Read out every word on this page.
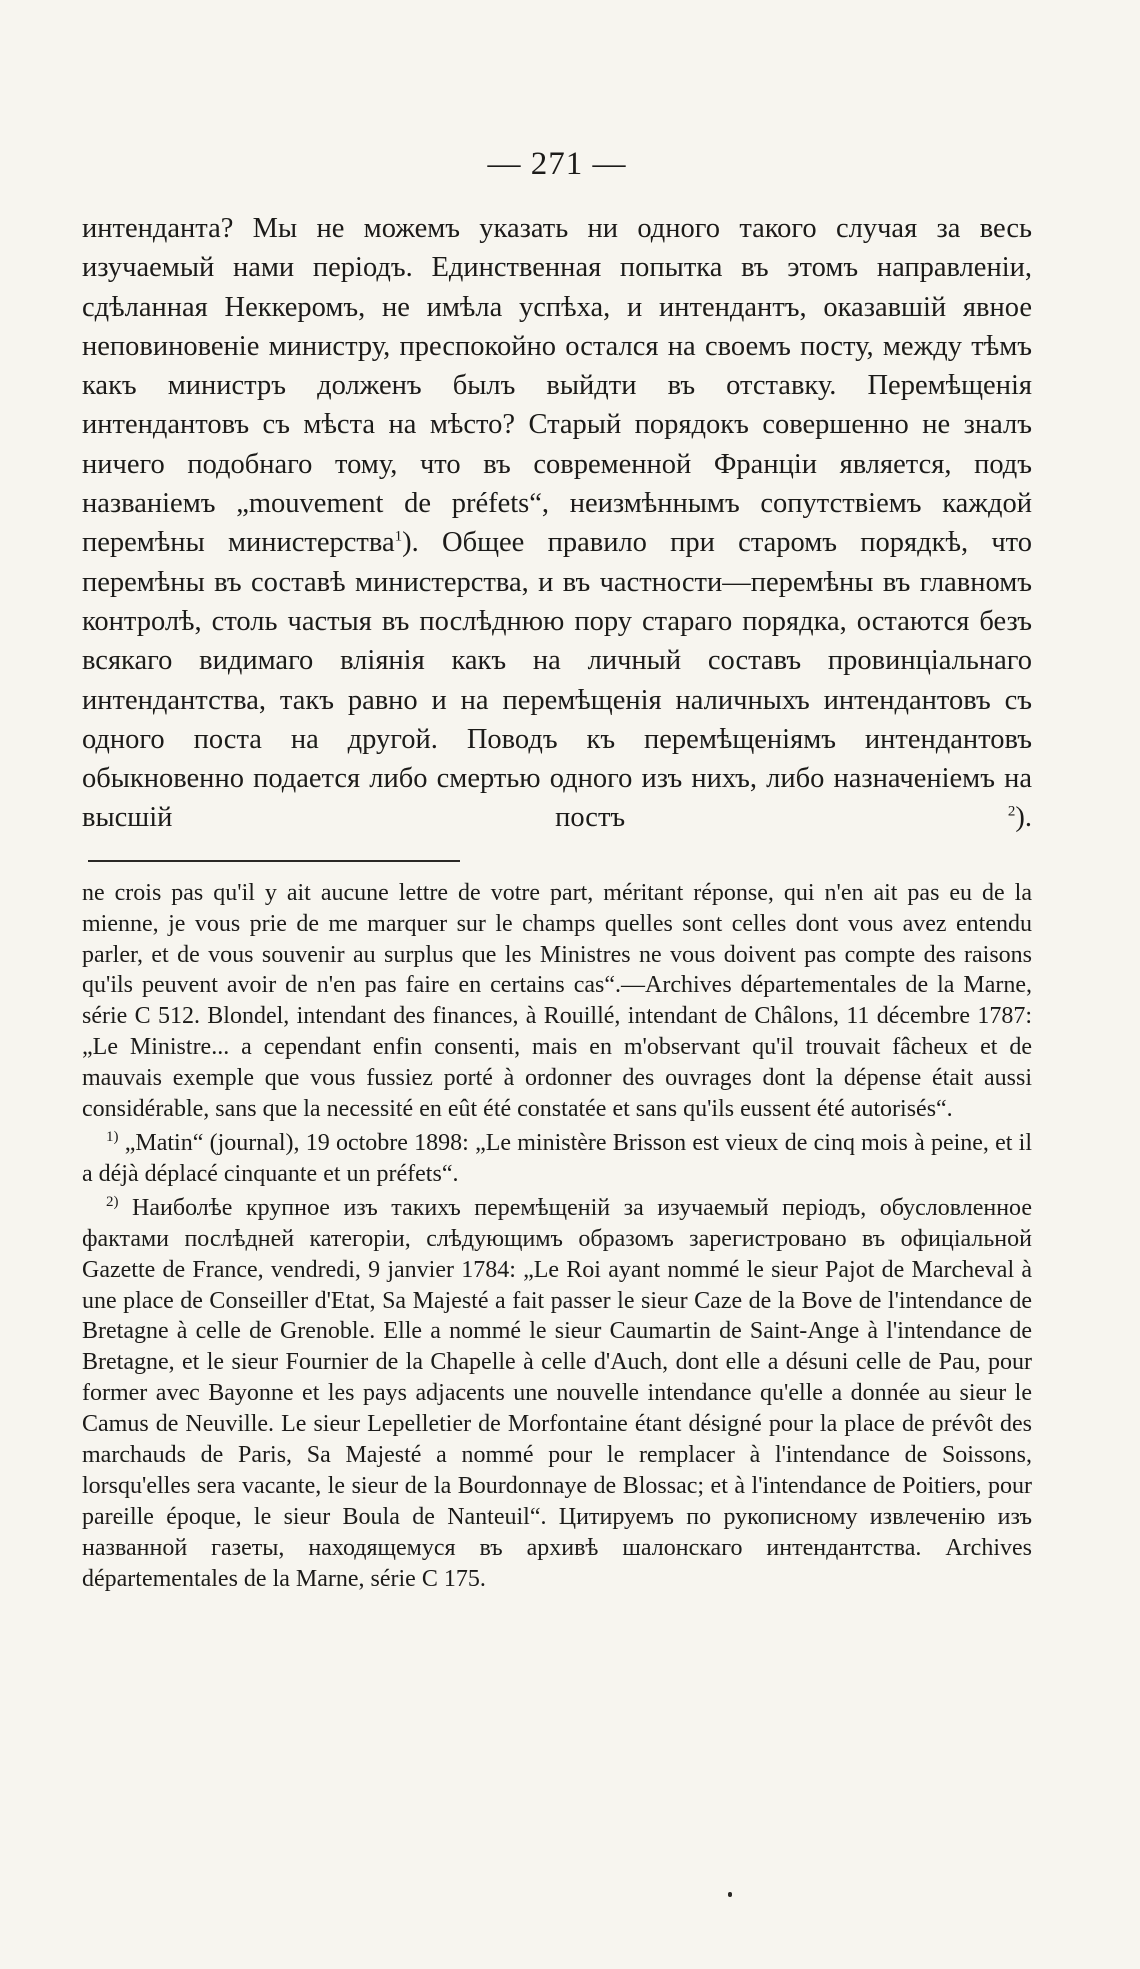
— 271 —

интенданта? Мы не можемъ указать ни одного такого случая за весь изучаемый нами періодъ. Единственная попытка въ этомъ направленіи, сдѣланная Неккеромъ, не имѣла успѣха, и интендантъ, оказавшій явное неповиновеніе министру, преспокойно остался на своемъ посту, между тѣмъ какъ министръ долженъ былъ выйдти въ отставку. Перемѣщенія интендантовъ съ мѣста на мѣсто? Старый порядокъ совершенно не зналъ ничего подобнаго тому, что въ современной Франціи является, подъ названіемъ „mouvement de préfets“, неизмѣннымъ сопутствіемъ каждой перемѣны министерства$^1$). Общее правило при старомъ порядкѣ, что перемѣны въ составѣ министерства, и въ частности—перемѣны въ главномъ контролѣ, столь частыя въ послѣднюю пору стараго порядка, остаются безъ всякаго видимаго вліянія какъ на личный составъ провинціальнаго интендантства, такъ равно и на перемѣщенія наличныхъ интендантовъ съ одного поста на другой. Поводъ къ перемѣщеніямъ интендантовъ обыкновенно подается либо смертью одного изъ нихъ, либо назначеніемъ на высшій постъ $^2$).

ne crois pas qu'il y ait aucune lettre de votre part, méritant réponse, qui n'en ait pas eu de la mienne, je vous prie de me marquer sur le champs quelles sont celles dont vous avez entendu parler, et de vous souvenir au surplus que les Ministres ne vous doivent pas compte des raisons qu'ils peuvent avoir de n'en pas faire en certains cas“.—Archives départementales de la Marne, série C 512. Blondel, intendant des finances, à Rouillé, intendant de Châlons, 11 décembre 1787: „Le Ministre... a cependant enfin consenti, mais en m'observant qu'il trouvait fâcheux et de mauvais exemple que vous fussiez porté à ordonner des ouvrages dont la dépense était aussi considérable, sans que la necessité en eût été constatée et sans qu'ils eussent été autorisés“.

$^{1)}$ „Matin“ (journal), 19 octobre 1898: „Le ministère Brisson est vieux de cinq mois à peine, et il a déjà déplacé cinquante et un préfets“.

$^{2)}$ Наиболѣе крупное изъ такихъ перемѣщеній за изучаемый періодъ, обусловленное фактами послѣдней категоріи, слѣдующимъ образомъ зарегистровано въ офиціальной Gazette de France, vendredi, 9 janvier 1784: „Le Roi ayant nommé le sieur Pajot de Marcheval à une place de Conseiller d'Etat, Sa Majesté a fait passer le sieur Caze de la Bove de l'intendance de Bretagne à celle de Grenoble. Elle a nommé le sieur Caumartin de Saint-Ange à l'intendance de Bretagne, et le sieur Fournier de la Chapelle à celle d'Auch, dont elle a désuni celle de Pau, pour former avec Bayonne et les pays adjacents une nouvelle intendance qu'elle a donnée au sieur le Camus de Neuville. Le sieur Lepelletier de Morfontaine étant désigné pour la place de prévôt des marchauds de Paris, Sa Majesté a nommé pour le remplacer à l'intendance de Soissons, lorsqu'elles sera vacante, le sieur de la Bourdonnaye de Blossac; et à l'intendance de Poitiers, pour pareille époque, le sieur Boula de Nanteuil“. Цитируемъ по рукописному извлеченію изъ названной газеты, находящемуся въ архивѣ шалонскаго интендантства. Archives départementales de la Marne, série C 175.
